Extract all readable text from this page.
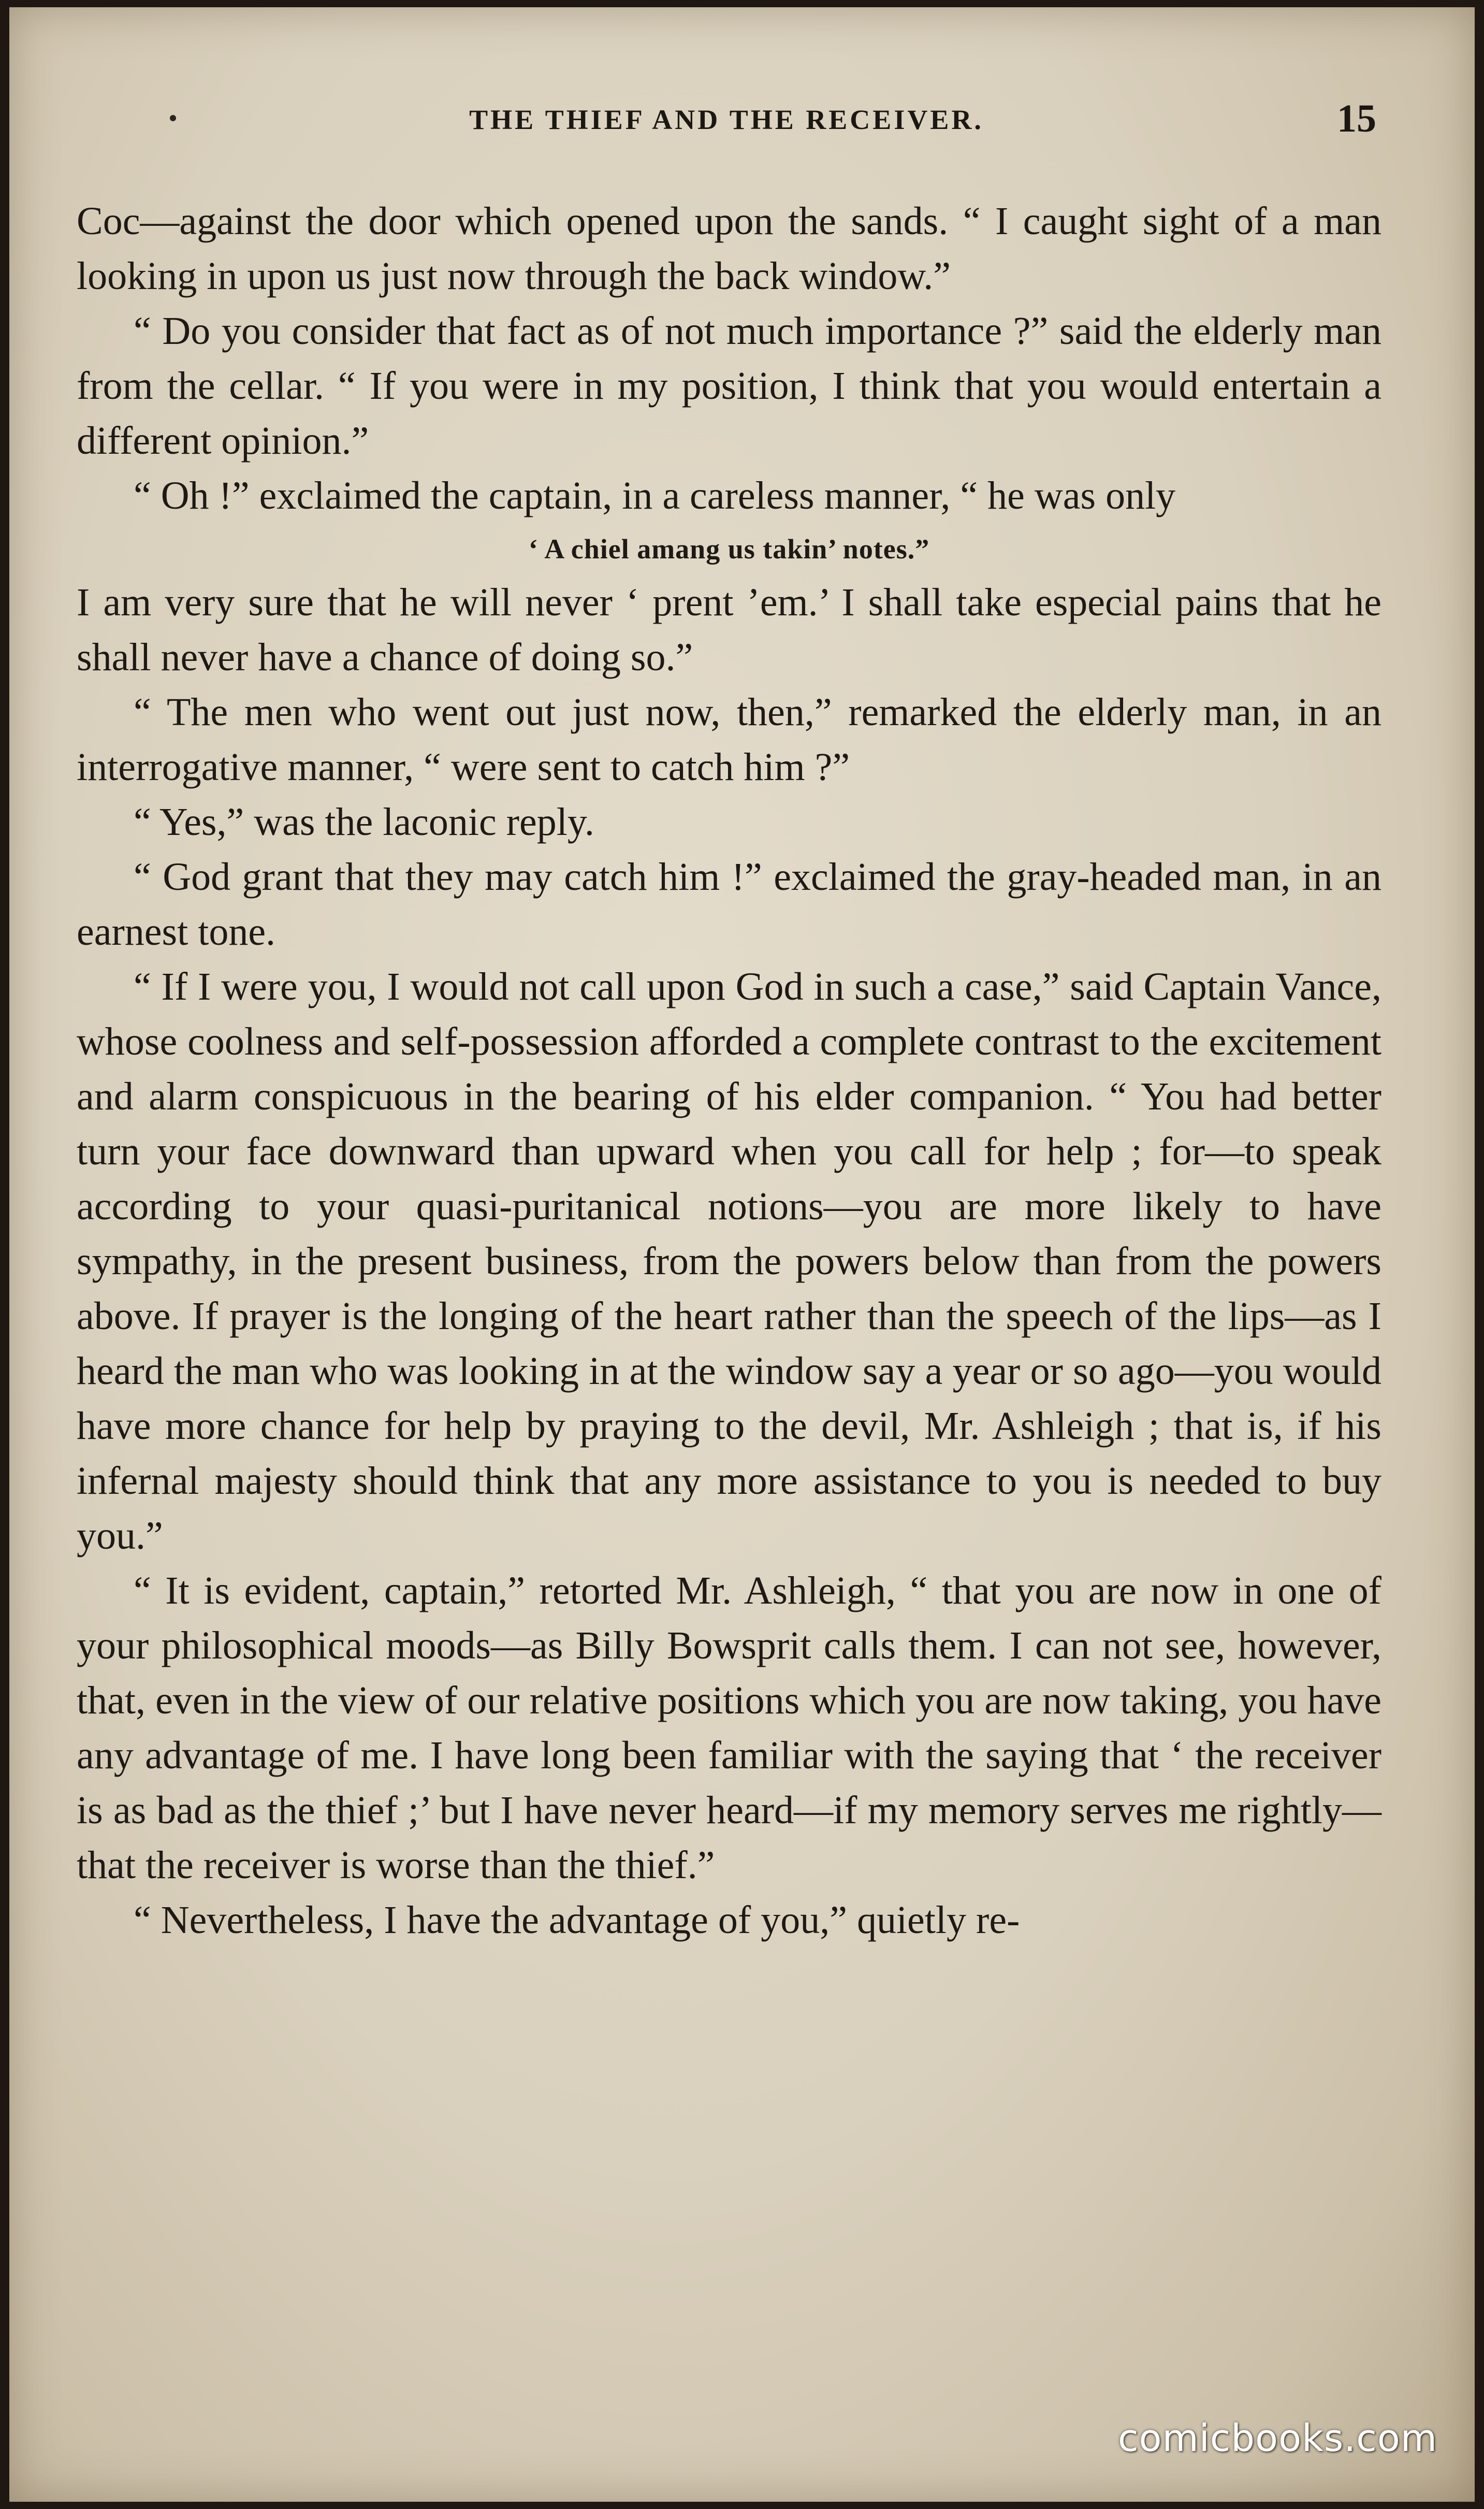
THE THIEF AND THE RECEIVER.	15

Coc—against the door which opened upon the sands. “ I caught sight of a man looking in upon us just now through the back window.”

“ Do you consider that fact as of not much importance ?” said the elderly man from the cellar. “ If you were in my position, I think that you would entertain a different opinion.”

“ Oh !” exclaimed the captain, in a careless manner, “ he was only

‘ A chiel amang us takin’ notes.”

I am very sure that he will never ‘ prent ’em.’ I shall take especial pains that he shall never have a chance of doing so.”

“ The men who went out just now, then,” remarked the elderly man, in an interrogative manner, “ were sent to catch him ?”

“ Yes,” was the laconic reply.

“ God grant that they may catch him !” exclaimed the gray-headed man, in an earnest tone.

“ If I were you, I would not call upon God in such a case,” said Captain Vance, whose coolness and self-possession afforded a complete contrast to the excitement and alarm conspicuous in the bearing of his elder companion. “ You had better turn your face downward than upward when you call for help ; for—to speak according to your quasi-puritanical notions—you are more likely to have sympathy, in the present business, from the powers below than from the powers above. If prayer is the longing of the heart rather than the speech of the lips—as I heard the man who was looking in at the window say a year or so ago—you would have more chance for help by praying to the devil, Mr. Ashleigh ; that is, if his infernal majesty should think that any more assistance to you is needed to buy you.”

“ It is evident, captain,” retorted Mr. Ashleigh, “ that you are now in one of your philosophical moods—as Billy Bowsprit calls them. I can not see, however, that, even in the view of our relative positions which you are now taking, you have any advantage of me. I have long been familiar with the saying that ‘ the receiver is as bad as the thief ;’ but I have never heard—if my memory serves me rightly—that the receiver is worse than the thief.”

“ Nevertheless, I have the advantage of you,” quietly re-

comicbooks.com
